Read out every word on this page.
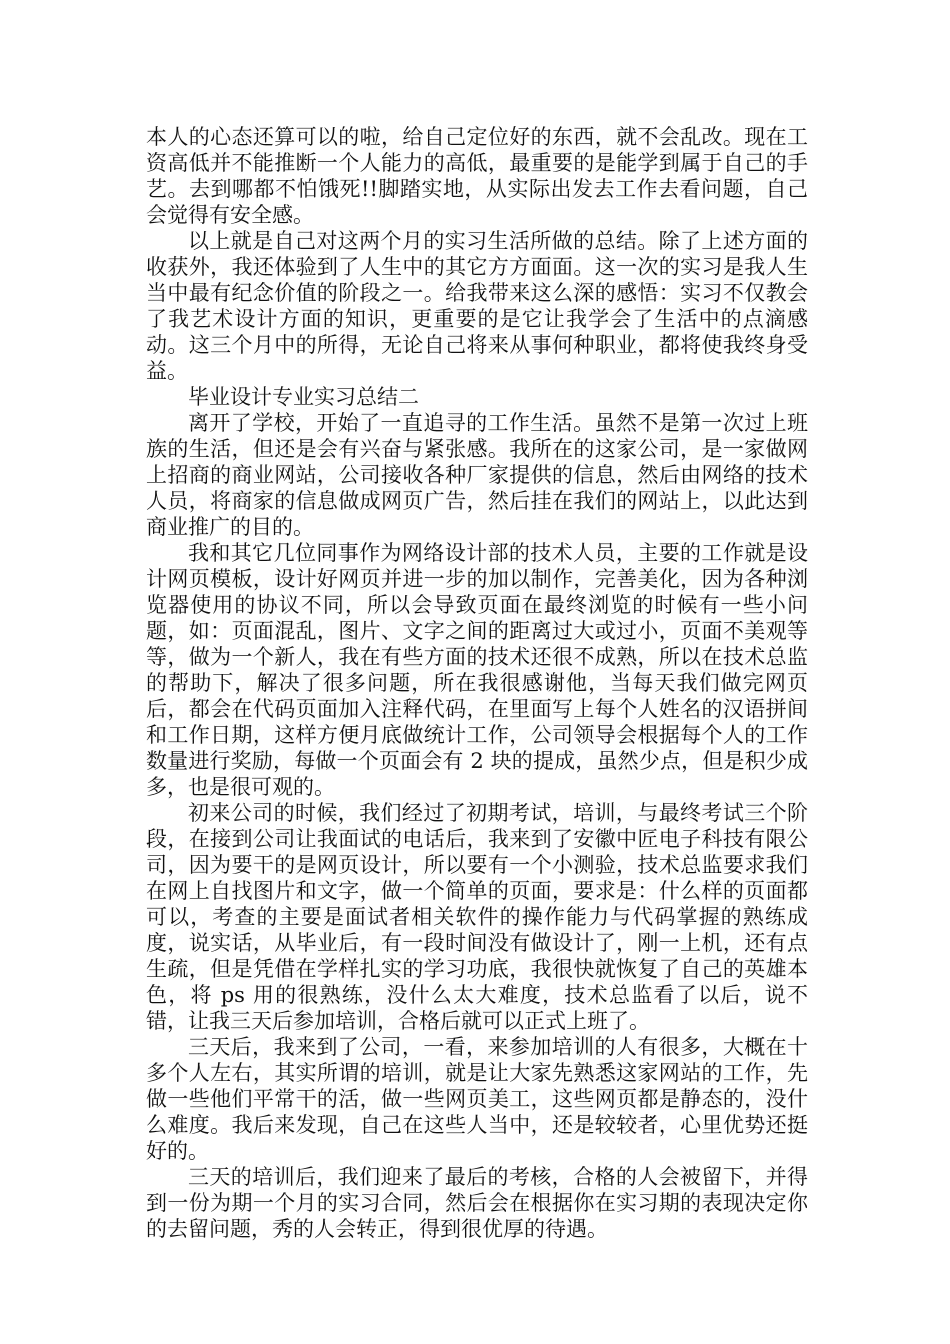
本人的心态还算可以的啦，给自己定位好的东西，就不会乱改。现在工资高低并不能推断一个人能力的高低，最重要的是能学到属于自己的手艺。去到哪都不怕饿死!!脚踏实地，从实际出发去工作去看问题，自己会觉得有安全感。

以上就是自己对这两个月的实习生活所做的总结。除了上述方面的收获外，我还体验到了人生中的其它方方面面。这一次的实习是我人生当中最有纪念价值的阶段之一。给我带来这么深的感悟：实习不仅教会了我艺术设计方面的知识，更重要的是它让我学会了生活中的点滴感动。这三个月中的所得，无论自己将来从事何种职业，都将使我终身受益。

毕业设计专业实习总结二

离开了学校，开始了一直追寻的工作生活。虽然不是第一次过上班族的生活，但还是会有兴奋与紧张感。我所在的这家公司，是一家做网上招商的商业网站，公司接收各种厂家提供的信息，然后由网络的技术人员，将商家的信息做成网页广告，然后挂在我们的网站上，以此达到商业推广的目的。

我和其它几位同事作为网络设计部的技术人员，主要的工作就是设计网页模板，设计好网页并进一步的加以制作，完善美化，因为各种浏览器使用的协议不同，所以会导致页面在最终浏览的时候有一些小问题，如：页面混乱，图片、文字之间的距离过大或过小，页面不美观等等，做为一个新人，我在有些方面的技术还很不成熟，所以在技术总监的帮助下，解决了很多问题，所在我很感谢他，当每天我们做完网页后，都会在代码页面加入注释代码，在里面写上每个人姓名的汉语拼间和工作日期，这样方便月底做统计工作，公司领导会根据每个人的工作数量进行奖励，每做一个页面会有 2 块的提成，虽然少点，但是积少成多，也是很可观的。

初来公司的时候，我们经过了初期考试，培训，与最终考试三个阶段，在接到公司让我面试的电话后，我来到了安徽中匠电子科技有限公司，因为要干的是网页设计，所以要有一个小测验，技术总监要求我们在网上自找图片和文字，做一个简单的页面，要求是：什么样的页面都可以，考查的主要是面试者相关软件的操作能力与代码掌握的熟练成度，说实话，从毕业后，有一段时间没有做设计了，刚一上机，还有点生疏，但是凭借在学样扎实的学习功底，我很快就恢复了自己的英雄本色，将 ps 用的很熟练，没什么太大难度，技术总监看了以后，说不错，让我三天后参加培训，合格后就可以正式上班了。

三天后，我来到了公司，一看，来参加培训的人有很多，大概在十多个人左右，其实所谓的培训，就是让大家先熟悉这家网站的工作，先做一些他们平常干的活，做一些网页美工，这些网页都是静态的，没什么难度。我后来发现，自己在这些人当中，还是较较者，心里优势还挺好的。

三天的培训后，我们迎来了最后的考核，合格的人会被留下，并得到一份为期一个月的实习合同，然后会在根据你在实习期的表现决定你的去留问题，秀的人会转正，得到很优厚的待遇。
